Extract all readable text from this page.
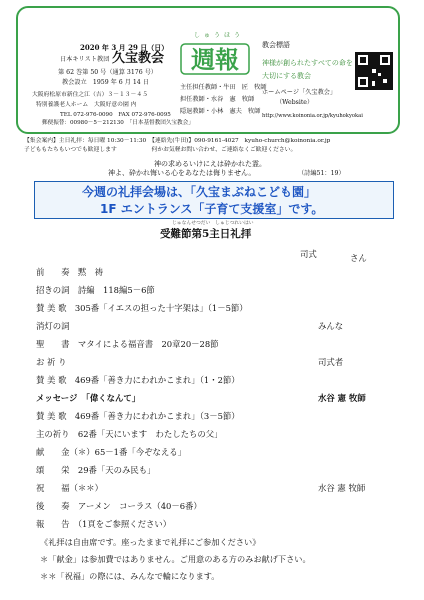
2020 年 3 月 29 日（日）
日本キリスト教団 久宝教会
第 62 巻第 50 号（通算 3176 号）
教会設立　1959 年 6 月 14 日
大阪府松原市新住之江（吉）３－１３－４５
特別養護老人ホーム　大阪好意の園 内
TEL 072-976-0090　FAX 072-976-0095
郵便振替：00980－5－212130　「日本基督教団久宝教会」
しゅうほう
週報
主任担任教師・牛田　匠　牧師
担任教師・水谷　憲　牧師
隠退教師・小林　憲夫　牧師
教会標語
神様が創られたすべての命を
大切にする教会
ホームページ「久宝教会」
（Website）
http://www.koinonia.or.jp/kyuhokyokai
【集会案内】主日礼拝：毎日曜 10:30－11:30　【連絡先(牛田)】090-9161-4027　kyuho-church@koinonia.or.jp
子どももたちもいつでも歓迎します　　　　　　何かお気軽お問い合わせ、ご連絡なくご歓迎ください。
神の求めるいけにえは砕かれた霊。
神よ、砕かれ悔いる心をあなたは侮りません。	（詩編51：19）
今週の礼拝会場は、「久宝まぶねこども園」
1F エントランス「子育て支援室」です。
じゅなんせつだい　しゅじつれいはい
受難節第5主日礼拝
司式	さん
前　　奏　黙　祷
招きの詞　詩編　118編5－6節
賛 美 歌　305番「イエスの担った十字架は」（1－5節）
消灯の詞	みんな
聖　　書　マタイによる福音書　20章20－28節
お 祈 り	司式者
賛 美 歌　469番「善き力にわれかこまれ」（1・2節）
メッセージ　「偉くなんて」	水谷 憲 牧師
賛 美 歌　469番「善き力にわれかこまれ」（3－5節）
主の祈り　62番「天にいます　わたしたちの父」
献　　金（＊）65－1番「今ぞなえる」
頌　　栄　29番「天のみ民も」
祝　　福（＊＊）	水谷 憲 牧師
後　　奏　アーメン　コーラス（40－6番）
報　　告　（1頁をご参照ください）
《礼拝は自由席です。座ったままで礼拝にご参加ください》
＊「献金」は参加費ではありません。ご用意のある方のみお献げ下さい。
＊＊「祝福」の際には、みんなで輪になります。
